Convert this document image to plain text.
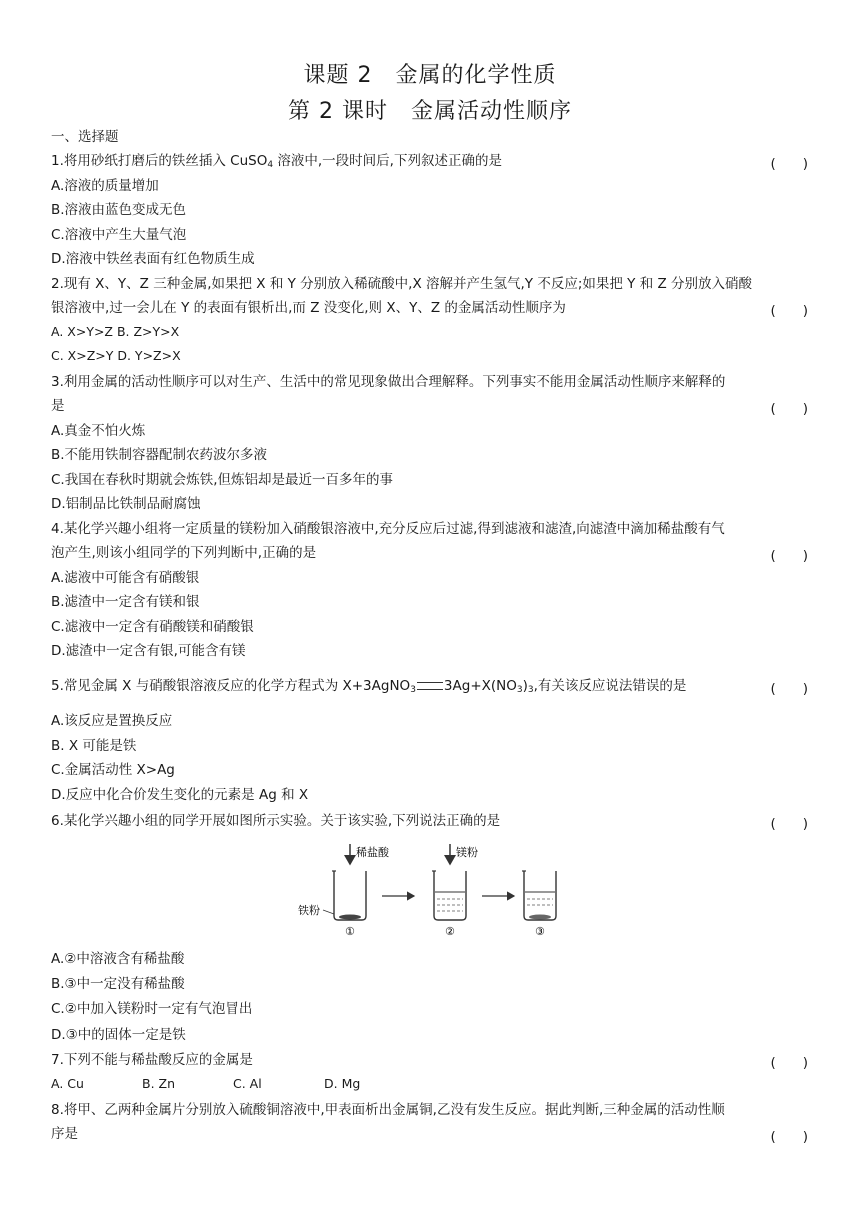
课题 2　金属的化学性质
第 2 课时　金属活动性顺序
一、选择题
1.将用砂纸打磨后的铁丝插入 CuSO$_4$ 溶液中,一段时间后,下列叙述正确的是	(　　)
A.溶液的质量增加
B.溶液由蓝色变成无色
C.溶液中产生大量气泡
D.溶液中铁丝表面有红色物质生成
2.现有 X、Y、Z 三种金属,如果把 X 和 Y 分别放入稀硫酸中,X 溶解并产生氢气,Y 不反应;如果把 Y 和 Z 分别放入硝酸
银溶液中,过一会儿在 Y 的表面有银析出,而 Z 没变化,则 X、Y、Z 的金属活动性顺序为	(　　)
A. X>Y>Z B. Z>Y>X
C. X>Z>Y D. Y>Z>X
3.利用金属的活动性顺序可以对生产、生活中的常见现象做出合理解释。下列事实不能用金属活动性顺序来解释的
是	(　　)
A.真金不怕火炼
B.不能用铁制容器配制农药波尔多液
C.我国在春秋时期就会炼铁,但炼铝却是最近一百多年的事
D.铝制品比铁制品耐腐蚀
4.某化学兴趣小组将一定质量的镁粉加入硝酸银溶液中,充分反应后过滤,得到滤液和滤渣,向滤渣中滴加稀盐酸有气
泡产生,则该小组同学的下列判断中,正确的是	(　　)
A.滤液中可能含有硝酸银
B.滤渣中一定含有镁和银
C.滤液中一定含有硝酸镁和硝酸银
D.滤渣中一定含有银,可能含有镁
5.常见金属 X 与硝酸银溶液反应的化学方程式为 X+3AgNO$_3$ $3Ag+X(NO_3)_3$,有关该反应说法错误的是	(　　)
A.该反应是置换反应
B. X 可能是铁
C.金属活动性 X>Ag
D.反应中化合价发生变化的元素是 Ag 和 X
6.某化学兴趣小组的同学开展如图所示实验。关于该实验,下列说法正确的是	(　　)
稀盐酸	镁粉
铁粉
①	②	③
A.②中溶液含有稀盐酸
B.③中一定没有稀盐酸
C.②中加入镁粉时一定有气泡冒出
D.③中的固体一定是铁
7.下列不能与稀盐酸反应的金属是	(　　)
A. Cu	B. Zn	C. Al	D. Mg
8.将甲、乙两种金属片分别放入硫酸铜溶液中,甲表面析出金属铜,乙没有发生反应。据此判断,三种金属的活动性顺
序是	(　　)
